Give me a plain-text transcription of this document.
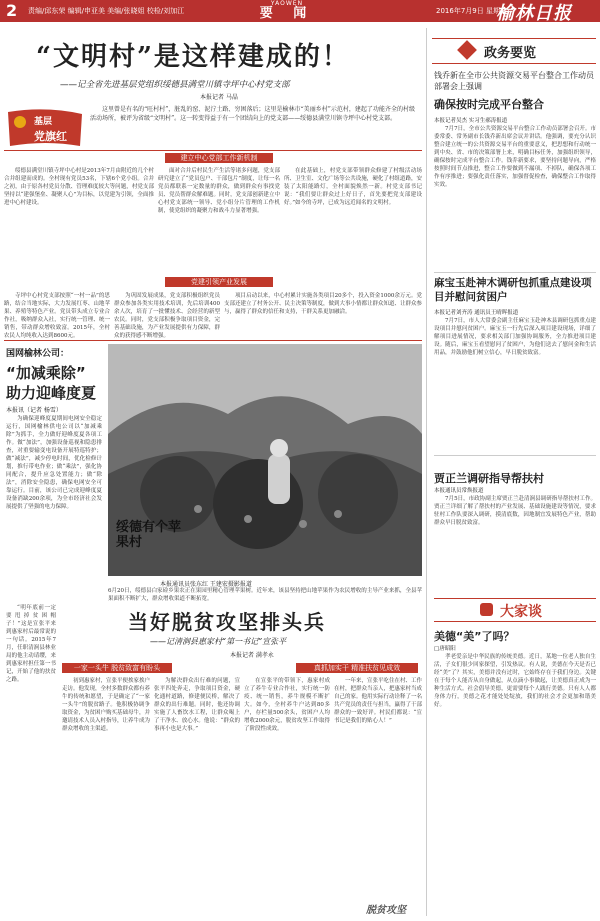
2 责编/邱东荣 编辑/申亚美 美编/张晓姐 校检/刘加江
YAOWEN
要 闻	2016年7月9日 星期六
榆林日报
“文明村”是这样建成的！
——记全省先进基层党组织绥德县满堂川镇寺坪中心村党支部
本报记者 马晶
这里曾是有名的“旺村村”，脏乱的窑、泥泞土路、穷困落后；这里是榆林市“美丽乡村”示范村，建起了功能齐全的村级活动场所，被评为省级“文明村”。这一转变得益于有一个团结向上的党支部——绥德县满堂川镇寺坪中心村党支部。
基层
党旗红
建立中心党部工作新机制
绥德县满堂川镇寺坪中心村是2013年7月由附近的几个村合并组建而成的。全村现有党员53名，下辖6个党小组。合并之初，由于原各村党员分散、管理难度较大等问题，村党支部坚持以“建强堡垒、凝聚人心”为目标，以党建为引领，全面推进中心村建设。
面对合并后村民生产生活等诸多问题，党支部研究建立了“党员包户、干部包片”制度，让每一名党员都联系一定数量的群众，做到群众有事找党员、党员帮群众解难题。同时，党支部创新建立中心村党支部统一领导、党小组分片管理的工作机制，使党组织的凝聚力和战斗力显著增强。
在此基础上，村党支部带领群众修建了村级活动场所、卫生室、文化广场等公共设施，硬化了村组道路，安装了太阳能路灯，全村面貌焕然一新。村党支部书记说：“我们要让群众过上好日子，首先要把党支部建设好。”如今的寺坪，已成为远近闻名的文明村。
党建引领产业发展
寺坪中心村党支部按照“一村一品”的思路，结合当地实际，大力发展红枣、山地苹果、养殖等特色产业。党员带头成立专业合作社，吸纳群众入社，实行统一管理、统一销售，带动群众增收致富。2015年，全村农民人均纯收入达到8600元。
为巩固发展成果，党支部积极组织党员群众参加各类实用技术培训，先后培训400余人次，培育了一批懂技术、会经营的新型农民。同时，党支部积极争取项目资金，完善基础设施，为产业发展提供有力保障，群众的获得感不断增强。
项目启动以来，中心村累计实施各类项目20多个，投入资金1000余万元。党支部还建立了村务公开、民主决策等制度，做到大事小情都让群众知道、让群众参与，赢得了群众的信任和支持，干群关系更加融洽。
国网榆林公司：
“加减乘除”
助力迎峰度夏
本报讯（记者 杨雪）
为确保迎峰度夏期间电网安全稳定运行，国网榆林供电公司以“加减乘除”为抓手，全力做好迎峰度夏各项工作。做“加法”，加强设备巡视和隐患排查，对重要输变电设备开展特巡特护；做“减法”，减少停电时间，优化检修计划，推行带电作业；做“乘法”，强化协同配合，提升应急处置能力；做“除法”，消除安全隐患，确保电网安全可靠运行。目前，该公司已完成迎峰度夏设备消缺200余项，为全市经济社会发展提供了坚强的电力保障。
绥德有个苹果村
本报通讯员张东红 王建宏摄影报道
6月20日，绥德县白家硷乡果农正在果园里精心管理苹果树。近年来，该县坚持把山地苹果作为农民增收的主导产业来抓，全县苹果面积不断扩大，群众增收渠道不断拓宽。
“明年底前一定要甩掉贫困帽子！”这是宣张平来到惠家村后最常说的一句话。2015年7月，任职清涧县林业局的他主动请缨，来到惠家村担任第一书记，开始了他的扶贫之路。
当好脱贫攻坚排头兵
——记清涧县惠家村“第一书记”宣张平
本报记者 满孝永
一家一头牛 脱贫致富有盼头	真抓加实干 精准扶贫见成效
初到惠家村，宣张平便挨家挨户走访。他发现，全村多数群众都有养牛的传统和愿望，于是确定了“一家一头牛”的脱贫路子。他积极协调争取资金，为贫困户购买基础母牛，并邀请技术人员入村指导，让养牛成为群众增收的主渠道。
为解决群众出行难的问题，宣张平四处奔走，争取项目资金，硬化通村道路，修建便民桥，解决了群众的出行难题。同时，他还协调实施了人畜饮水工程，让群众喝上了干净水、放心水。他说：“群众的事再小也是大事。”
在宣张平的带领下，惠家村成立了养牛专业合作社，实行统一防疫、统一销售，养牛规模不断扩大。如今，全村养牛户达到80多户，存栏量500余头，贫困户人均增收2000余元，脱贫攻坚工作取得了阶段性成效。
一年来，宣张平吃住在村、工作在村，把群众当亲人，把惠家村当成自己的家。他用实际行动诠释了一名共产党员的责任与担当，赢得了干部群众的一致好评。村民们都说：“宣书记是我们的贴心人！”
脱贫攻坚
政务要览
钱乔新在全市公共资源交易平台整合工作动员部署会上强调
确保按时完成平台整合
本报记者吴杰 实习生郝涛报道
7月7日，全市公共资源交易平台整合工作动员部署会召开。市委常委、常务副市长钱乔新出席会议并讲话。他强调，要充分认识整合建立统一的公共资源交易平台的重要意义，把思想和行动统一到中央、省、市的决策部署上来，明确目标任务，加强组织领导，确保按时完成平台整合工作。钱乔新要求，要坚持问题导向，严格按照时间节点推进，整合工作要做到不漏项、不掉队，确保各项工作有序推进；要强化责任落实，加强督促检查，确保整合工作取得实效。
麻宝玉赴神木调研包抓重点建设项目并慰问贫困户
本报记者刘齐涛 通讯员王晴晖报道
7月7日，市人大常委会副主任麻宝玉赴神木县调研包抓重点建设项目并慰问贫困户。麻宝玉一行先后深入项目建设现场，详细了解项目进展情况，要求相关部门加强协调服务，全力推进项目建设。随后，麻宝玉看望慰问了贫困户，为他们送去了慰问金和生活用品，并鼓励他们树立信心，早日脱贫致富。
贾正兰调研指导帮扶村
本报通讯员常焕报道
7月5日，市政协副主席贾正兰赴清涧县调研指导帮扶村工作。贾正兰详细了解了帮扶村的产业发展、基础设施建设等情况，要求驻村工作队要深入调研，摸清底数，因地制宜发展特色产业，帮助群众早日脱贫致富。
大家谈
美德“美”了吗？
□唐昭阳
孝老爱亲是中华民族的传统美德。近日，某地一位老人独自生活，子女们很少回家探望，引发热议。有人说，美德在今天是否已经“美”了？其实，美德并没有过时，它始终存在于我们身边。关键在于每个人能否从自身做起，从点滴小事做起，让美德真正成为一种生活方式。社会倡导美德，更需要每个人践行美德。只有人人都身体力行，美德之花才能处处绽放，我们的社会才会更加和谐美好。
